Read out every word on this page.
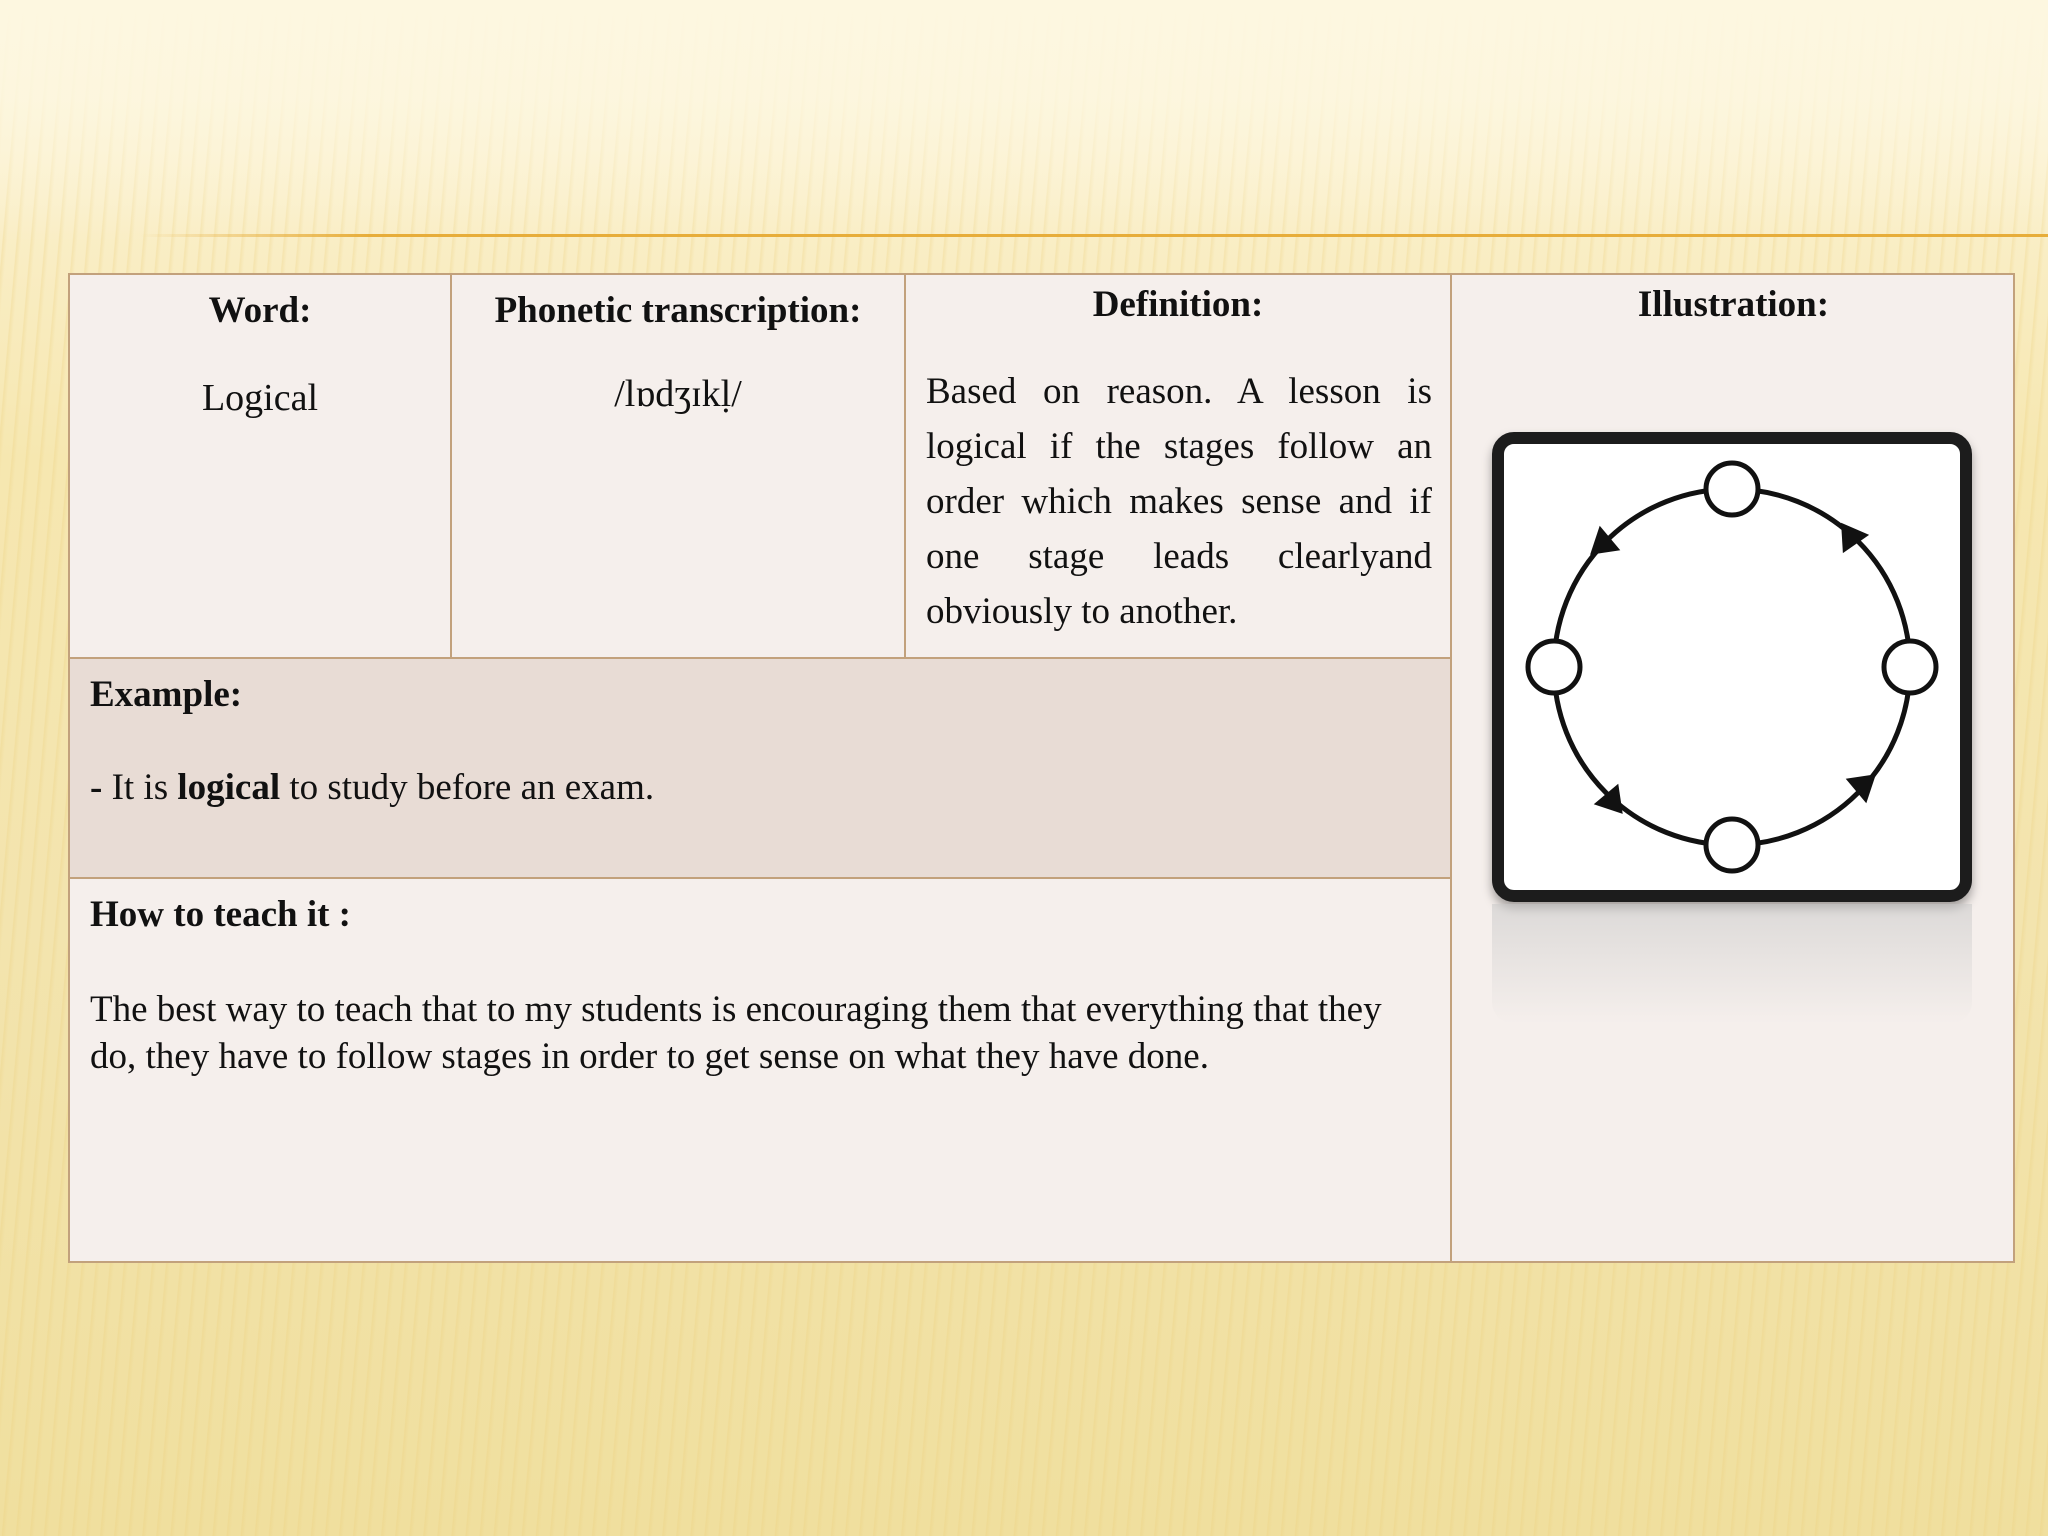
Word:
Logical
Phonetic transcription:
/lɒdʒɪkḷ/
Definition:
Based on reason. A lesson is logical if the stages follow an order which makes sense and if one stage leads clearlyand obviously to another.
Example:
- It is logical to study before an exam.
How to teach it :
The best way to teach that to my students is encouraging them that everything that they do, they have to follow stages in order to get sense on what they have done.
Illustration:
